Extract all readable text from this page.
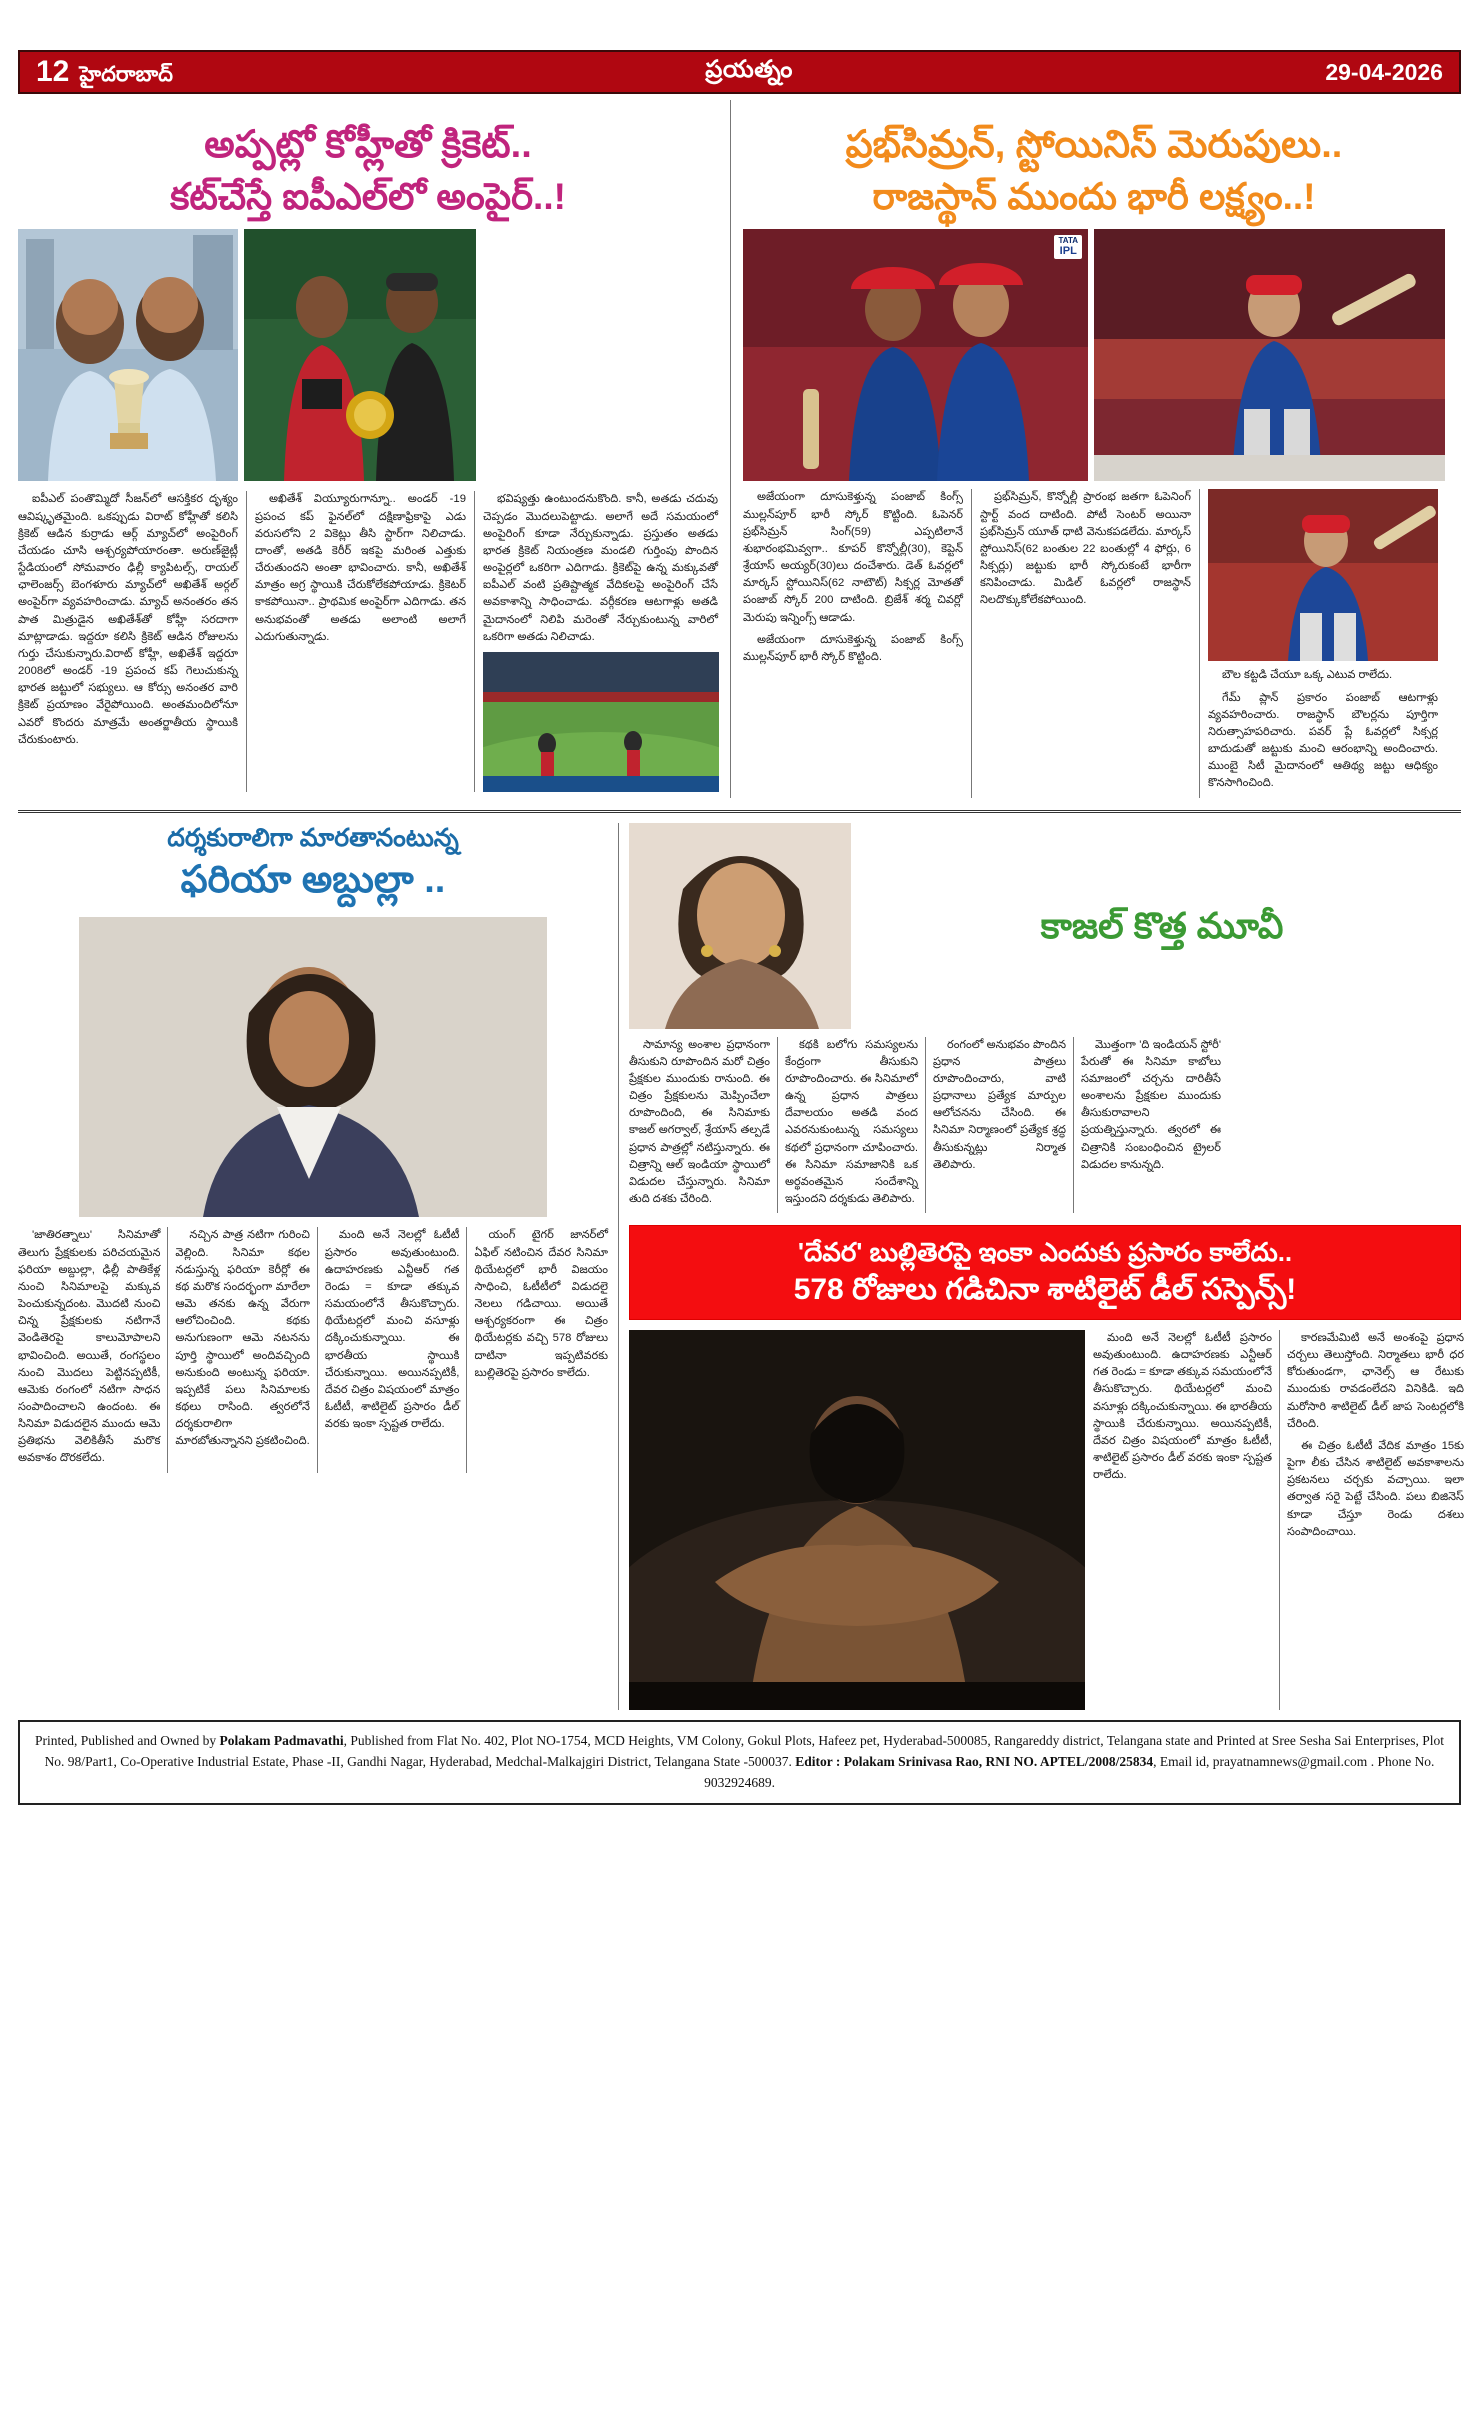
12 హైదరాబాద్	ప్రయత్నం	29-04-2026
అప్పట్లో కోహ్లీతో క్రికెట్..
కట్‌చేస్తే ఐపీఎల్‌లో అంపైర్..!

ఐపీఎల్ పంతొమ్మిదో సీజన్‌లో ఆసక్తికర దృశ్యం ఆవిష్కృతమైంది. ఒకప్పుడు విరాట్ కోహ్లీతో కలిసి క్రికెట్ ఆడిన కుర్రాడు ఆర్గ్ మ్యాచ్‌లో అంపైరింగ్ చేయడం చూసి ఆశ్చర్యపోయారంతా. అరుణ్‌జైట్లీ స్టేడియంలో సోమవారం ఢిల్లీ క్యాపిటల్స్, రాయల్ ఛాలెంజర్స్ బెంగళూరు మ్యాచ్‌లో అఖితేశ్ అర్గల్ అంపైర్‌గా వ్యవహరించాడు. మ్యాచ్ అనంతరం తన పాత మిత్రుడైన అఖితేశ్‌తో కోహ్లీ సరదాగా మాట్లాడాడు. ఇద్దరూ కలిసి క్రికెట్ ఆడిన రోజులను గుర్తు చేసుకున్నారు.విరాట్ కోహ్లీ, అఖితేశ్ ఇద్దరూ 2008లో అండర్ -19 ప్రపంచ కప్ గెలుచుకున్న భారత జట్టులో సభ్యులు. ఆ కోర్సు అనంతర వారి క్రికెట్ ప్రయాణం వేరైపోయింది. అంతమందిలోనూ ఎవరో కొందరు మాత్రమే అంతర్జాతీయ స్థాయికి చేరుకుంటారు.

అఖితేశ్ వియ్యూరుగాన్నూ.. అండర్ -19 ప్రపంచ కప్ ఫైనల్‌లో దక్షిణాఫ్రికాపై ఎడు వరుసలోని 2 వికెట్లు తీసి స్టార్‌గా నిలిచాడు. దాంతో, అతడి కెరీర్ ఇకపై మరింత ఎత్తుకు చేరుతుందని అంతా భావించారు. కానీ, అఖితేశ్ మాత్రం అగ్ర స్థాయికి చేరుకోలేకపోయాడు. క్రికెటర్ కాకపోయినా.. ప్రాథమిక అంపైర్‌గా ఎదిగాడు. తన అనుభవంతో అతడు అలాంటి అలాగే ఎదుగుతున్నాడు.

భవిష్యత్తు ఉంటుందనుకొంది. కానీ, అతడు చదువు చెప్పడం మొదలుపెట్టాడు. అలాగే అదే సమయంలో అంపైరింగ్ కూడా నేర్చుకున్నాడు. ప్రస్తుతం అతడు భారత క్రికెట్ నియంత్రణ మండలి గుర్తింపు పొందిన అంపైర్లలో ఒకరిగా ఎదిగాడు. క్రికెట్‌పై ఉన్న మక్కువతో ఐపీఎల్ వంటి ప్రతిష్టాత్మక వేదికలపై అంపైరింగ్ చేసే అవకాశాన్ని సాధించాడు. వర్గీకరణ ఆటగాళ్లు అతడి మైదానంలో నిలిపి మరెంతో నేర్చుకుంటున్న వారిలో ఒకరిగా అతడు నిలిచాడు.

ప్రభ్‌సిమ్రన్, స్టోయినిస్ మెరుపులు..
రాజస్థాన్ ముందు భారీ లక్ష్యం..!
TATA
IPL

అజేయంగా దూసుకెళ్తున్న పంజాబ్ కింగ్స్ ముల్లన్‌పూర్ భారీ స్కోర్ కొట్టింది. ఓపెనర్ ప్రభ్‌సిమ్రన్ సింగ్(59) ఎప్పటిలానే శుభారంభమివ్వగా.. కూపర్ కొన్నోల్లీ(30), కెప్టెన్ శ్రేయాస్ అయ్యర్(30)లు దంచేశారు. డెత్ ఓవర్లలో మార్కస్ స్టోయినిస్(62 నాటౌట్) సిక్సర్ల మోతతో పంజాబ్ స్కోర్ 200 దాటింది. బ్రిజేశ్ శర్మ చివర్లో మెరుపు ఇన్నింగ్స్ ఆడాడు.

అజేయంగా దూసుకెళ్తున్న పంజాబ్ కింగ్స్ ముల్లన్‌పూర్ భారీ స్కోర్ కొట్టింది.

ప్రభ్‌సిమ్రన్, కొన్నోల్లీ ప్రారంభ జతగా ఓపెనింగ్ స్టార్ట్ వంద దాటింది. పోటీ సెంటర్ అయినా ప్రభ్‌సిమ్రన్ యూత్ ధాటి వెనుకపడలేదు. మార్కస్ స్టోయినిస్(62 బంతుల 22 బంతుల్లో 4 ఫోర్లు, 6 సిక్సర్లు) జట్టుకు భారీ స్కోరుకంటే భారీగా కనిపించాడు. మిడిల్ ఓవర్లలో రాజస్థాన్ నిలదొక్కుకోలేకపోయింది.

బౌల కట్టడి చేయూ ఒక్క ఎటువ రాలేదు.

గేమ్ ప్లాన్ ప్రకారం పంజాబ్ ఆటగాళ్లు వ్యవహరించారు. రాజస్థాన్ బౌలర్లను పూర్తిగా నిరుత్సాహపరిచారు. పవర్ ప్లే ఓవర్లలో సిక్సర్ల బాదుడుతో జట్టుకు మంచి ఆరంభాన్ని అందించారు. ముంబై సిటీ మైదానంలో ఆతిథ్య జట్టు ఆధిక్యం కొనసాగించింది.

దర్శకురాలిగా మారతానంటున్న
ఫరియా అబ్దుల్లా ..

'జాతిరత్నాలు' సినిమాతో తెలుగు ప్రేక్షకులకు పరిచయమైన ఫరియా అబ్దుల్లా, ఢిల్లీ పాతికేళ్ల నుంచి సినిమాలపై మక్కువ పెంచుకున్నదంట. మొదటి నుంచి చిన్న ప్రేక్షకులకు నటిగానే వెండితెరపై కాలుమోపాలని భావించింది. అయితే, రంగస్థలం నుంచి మొదలు పెట్టినప్పటికీ, ఆమెకు రంగంలో నటిగా సాధన సంపాదించాలని ఉందంట. ఈ సినిమా విడుదలైన ముందు ఆమె ప్రతిభను వెలికితీసే మరొక అవకాశం దొరకలేదు.

నచ్చిన పాత్ర నటిగా గురించి వెల్లింది. సినిమా కథల నడుస్తున్న ఫరియా కెరీర్లో ఈ కథ మరొక సందర్భంగా మారేలా ఆమె తనకు ఉన్న వేరుగా ఆలోచించింది. కథకు అనుగుణంగా ఆమె నటనను పూర్తి స్థాయిలో అందివచ్చింది అనుకుంది అంటున్న ఫరియా. ఇప్పటికే పలు సినిమాలకు కథలు రాసింది. త్వరలోనే దర్శకురాలిగా మారబోతున్నానని ప్రకటించింది.

మంది అనే నెలల్లో ఓటీటీ ప్రసారం అవుతుంటుంది. ఉదాహరణకు ఎన్టీఆర్ గత రెండు = కూడా తక్కువ సమయంలోనే తీసుకొచ్చారు. థియేటర్లలో మంచి వసూళ్లు దక్కించుకున్నాయి. ఈ భారతీయ స్థాయికి చేరుకున్నాయి. అయినప్పటికీ, దేవర చిత్రం విషయంలో మాత్రం ఓటీటీ, శాటిలైట్ ప్రసారం డీల్ వరకు ఇంకా స్పష్టత రాలేదు.

యంగ్ టైగర్ జానర్‌లో ఏఫిల్ నటించిన దేవర సినిమా థియేటర్లలో భారీ విజయం సాధించి, ఓటీటీలో విడుదలై నెలలు గడిచాయి. అయితే ఆశ్చర్యకరంగా ఈ చిత్రం థియేటర్లకు వచ్చి 578 రోజులు దాటినా ఇప్పటివరకు బుల్లితెరపై ప్రసారం కాలేదు.

కాజల్ కొత్త మూవీ

సామాన్య అంశాల ప్రధానంగా తీసుకుని రూపొందిన మరో చిత్రం ప్రేక్షకుల ముందుకు రానుంది. ఈ చిత్రం ప్రేక్షకులను మెప్పించేలా రూపొందింది, ఈ సినిమాకు కాజల్ అగర్వాల్, శ్రేయాస్ తల్పడే ప్రధాన పాత్రల్లో నటిస్తున్నారు. ఈ చిత్రాన్ని ఆల్ ఇండియా స్థాయిలో విడుదల చేస్తున్నారు. సినిమా తుది దశకు చేరింది.

కథకి బలోగు సమస్యలను కేంద్రంగా తీసుకుని రూపొందించారు. ఈ సినిమాలో ఉన్న ప్రధాన పాత్రలు దేవాలయం అతడి వంద ఎవరనుకుంటున్న సమస్యలు కథలో ప్రధానంగా చూపించారు. ఈ సినిమా సమాజానికి ఒక అర్థవంతమైన సందేశాన్ని ఇస్తుందని దర్శకుడు తెలిపారు.

రంగంలో అనుభవం పొందిన ప్రధాన పాత్రలు రూపొందించారు, వాటి ప్రధానాలు ప్రత్యేక మార్పుల ఆలోచనను చేసింది. ఈ సినిమా నిర్మాణంలో ప్రత్యేక శ్రద్ధ తీసుకున్నట్లు నిర్మాత తెలిపారు.

మొత్తంగా 'ది ఇండియన్ స్టోరీ' పేరుతో ఈ సినిమా కాబోలు సమాజంలో చర్చను దారితీసే అంశాలను ప్రేక్షకుల ముందుకు తీసుకురావాలని ప్రయత్నిస్తున్నారు. త్వరలో ఈ చిత్రానికి సంబంధించిన ట్రైలర్ విడుదల కానున్నది.

'దేవర' బుల్లితెరపై ఇంకా ఎందుకు ప్రసారం కాలేదు..
578 రోజులు గడిచినా శాటిలైట్ డీల్ సస్పెన్స్!

మంది అనే నెలల్లో ఓటీటీ ప్రసారం అవుతుంటుంది. ఉదాహరణకు ఎన్టీఆర్ గత రెండు = కూడా తక్కువ సమయంలోనే తీసుకొచ్చారు. థియేటర్లలో మంచి వసూళ్లు దక్కించుకున్నాయి. ఈ భారతీయ స్థాయికి చేరుకున్నాయి. అయినప్పటికీ, దేవర చిత్రం విషయంలో మాత్రం ఓటీటీ, శాటిలైట్ ప్రసారం డీల్ వరకు ఇంకా స్పష్టత రాలేదు.

కారణమేమిటి అనే అంశంపై ప్రధాన చర్చలు తెలుస్తోంది. నిర్మాతలు భారీ ధర కోరుతుండగా, ఛానెల్స్ ఆ రేటుకు ముందుకు రావడంలేదని వినికిడి. ఇది మరోసారి శాటిలైట్ డీల్ జాప సెంటర్లలోకి చేరింది.

ఈ చిత్రం ఓటీటీ వేదిక మాత్రం 15కు పైగా లీకు చేసిన శాటిలైట్ అవకాశాలను ప్రకటనలు చర్చకు వచ్చాయి. ఇలా తర్వాత సరై పెట్టే చేసింది. పలు బిజినెస్ కూడా చేస్తూ రెండు దశలు సంపాదించాయి.

Printed, Published and Owned by Polakam Padmavathi, Published from Flat No. 402, Plot NO-1754, MCD Heights, VM Colony, Gokul Plots, Hafeez pet, Hyderabad-500085, Rangareddy district, Telangana state and Printed at Sree Sesha Sai Enterprises, Plot No. 98/Part1, Co-Operative Industrial Estate, Phase -II, Gandhi Nagar, Hyderabad, Medchal-Malkajgiri District, Telangana State -500037. Editor : Polakam Srinivasa Rao, RNI NO. APTEL/2008/25834, Email id, prayatnamnews@gmail.com . Phone No. 9032924689.
